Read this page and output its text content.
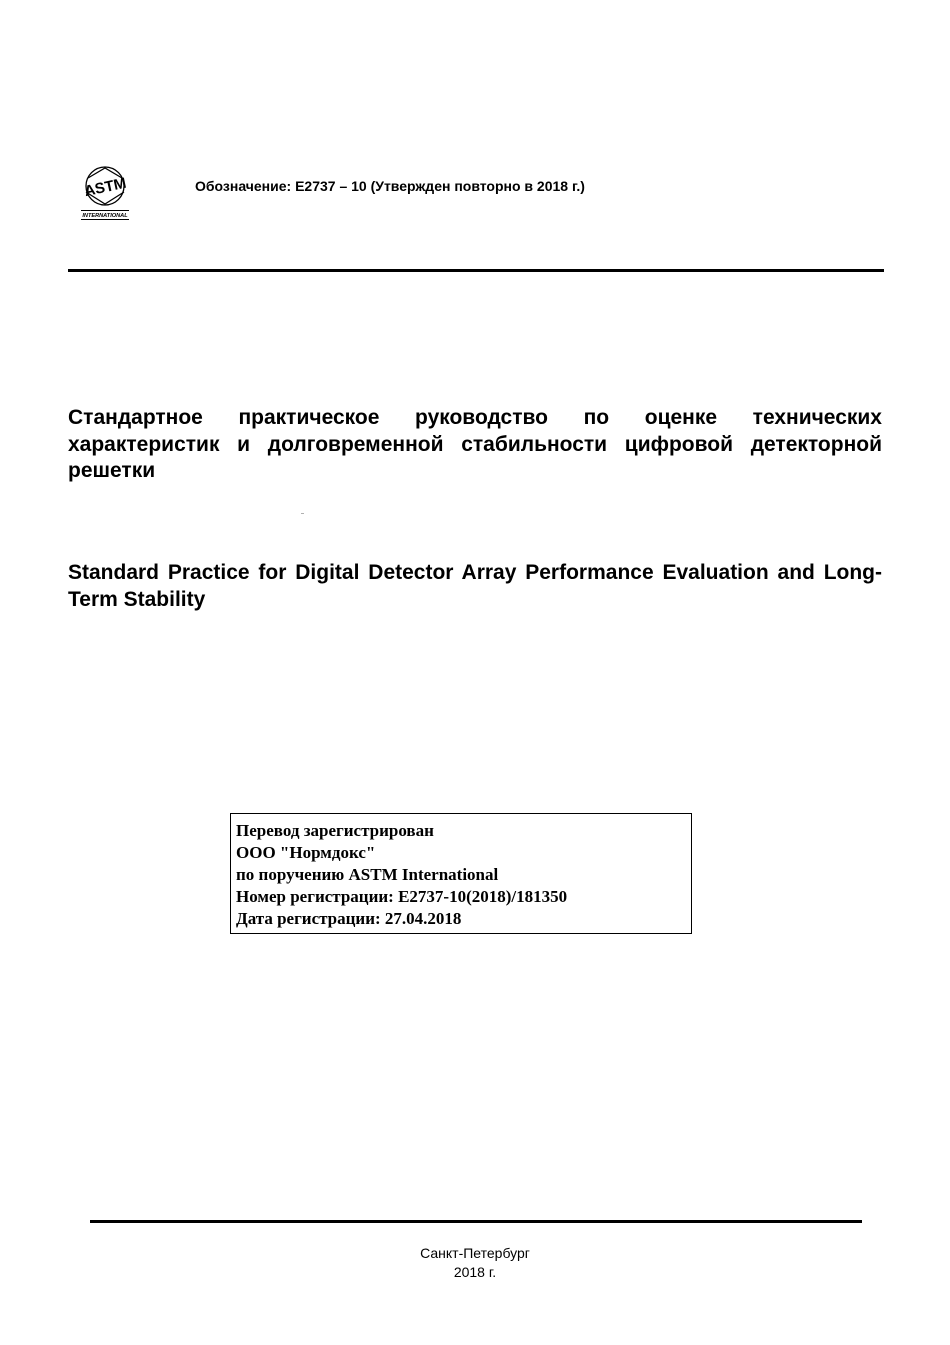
ASTM
INTERNATIONAL
Обозначение: E2737 – 10 (Утвержден повторно в 2018 г.)
Стандартное практическое руководство по оценке технических характеристик и долговременной стабильности цифровой детекторной решетки
Standard Practice for Digital Detector Array Performance Evaluation and Long-Term Stability
Перевод зарегистрирован
ООО "Нормдокс"
по поручению ASTM International
Номер регистрации: E2737-10(2018)/181350
Дата регистрации: 27.04.2018
Санкт-Петербург
2018 г.
